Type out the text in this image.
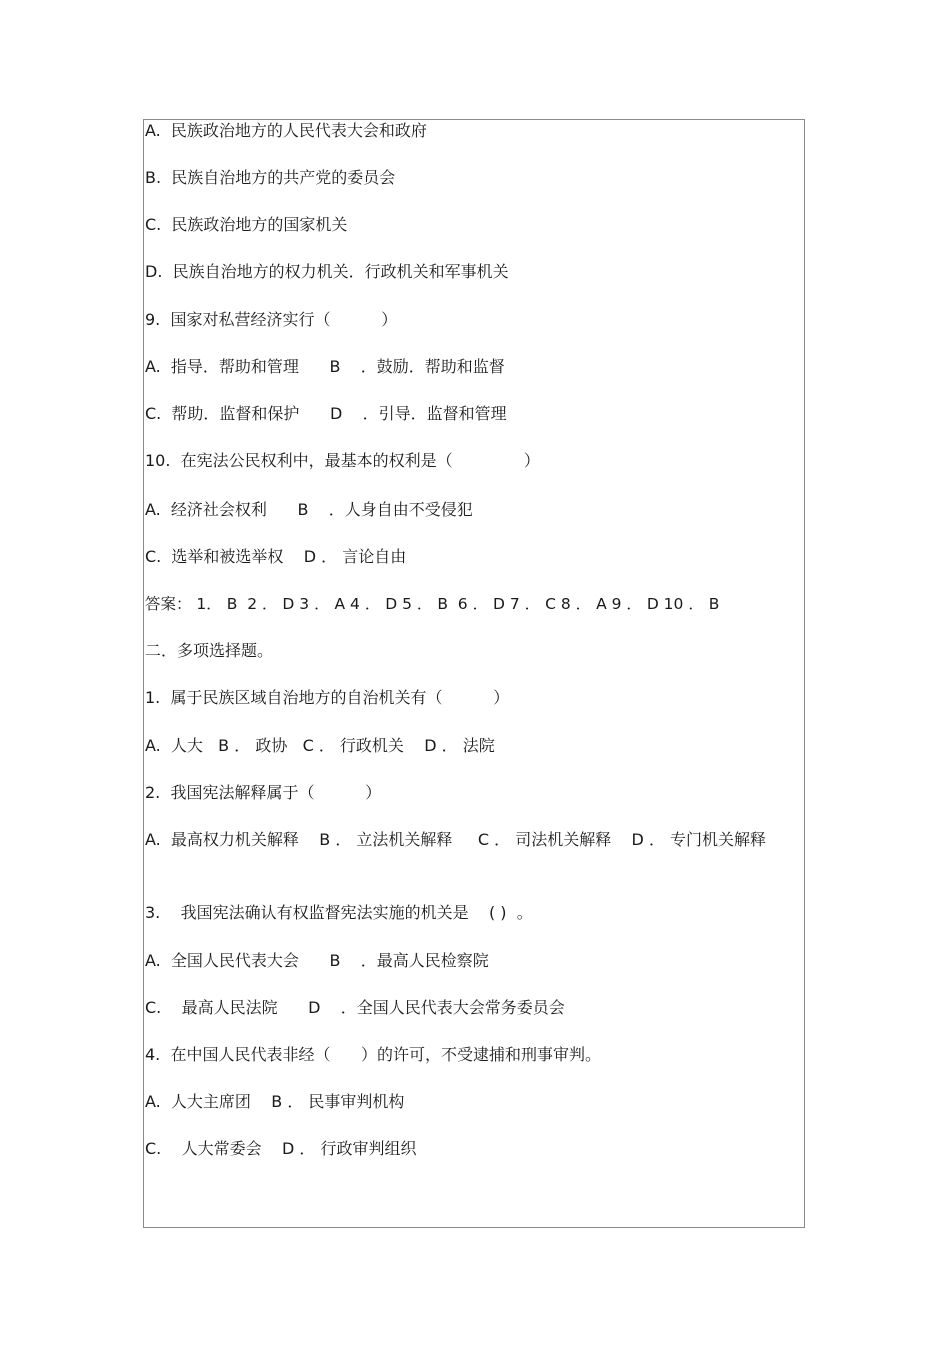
A.  民族政治地方的人民代表大会和政府
B.  民族自治地方的共产党的委员会
C.  民族政治地方的国家机关
D.  民族自治地方的权力机关．行政机关和军事机关
9.  国家对私营经济实行（          ）
A.  指导．帮助和管理      B    ．鼓励．帮助和监督
C.  帮助．监督和保护      D    ．引导．监督和管理
10.  在宪法公民权利中，最基本的权利是（              ）
A.  经济社会权利      B    ．人身自由不受侵犯
C.  选举和被选举权    D ． 言论自由
答案： 1． B  2 ． D 3 ． A 4 ． D 5 ． B  6 ． D 7 ． C 8 ． A 9 ． D 10 ． B
二．多项选择题。
1.  属于民族区域自治地方的自治机关有（          ）
A.  人大   B ． 政协   C ． 行政机关    D ． 法院
2.  我国宪法解释属于（          ）
A.  最高权力机关解释    B ． 立法机关解释     C ． 司法机关解释    D ． 专门机关解释
3.    我国宪法确认有权监督宪法实施的机关是    ( )  。
A.  全国人民代表大会      B    ．最高人民检察院
C.    最高人民法院      D    ．全国人民代表大会常务委员会
4.  在中国人民代表非经（      ）的许可，不受逮捕和刑事审判。
A.  人大主席团    B ． 民事审判机构
C.    人大常委会    D ． 行政审判组织
